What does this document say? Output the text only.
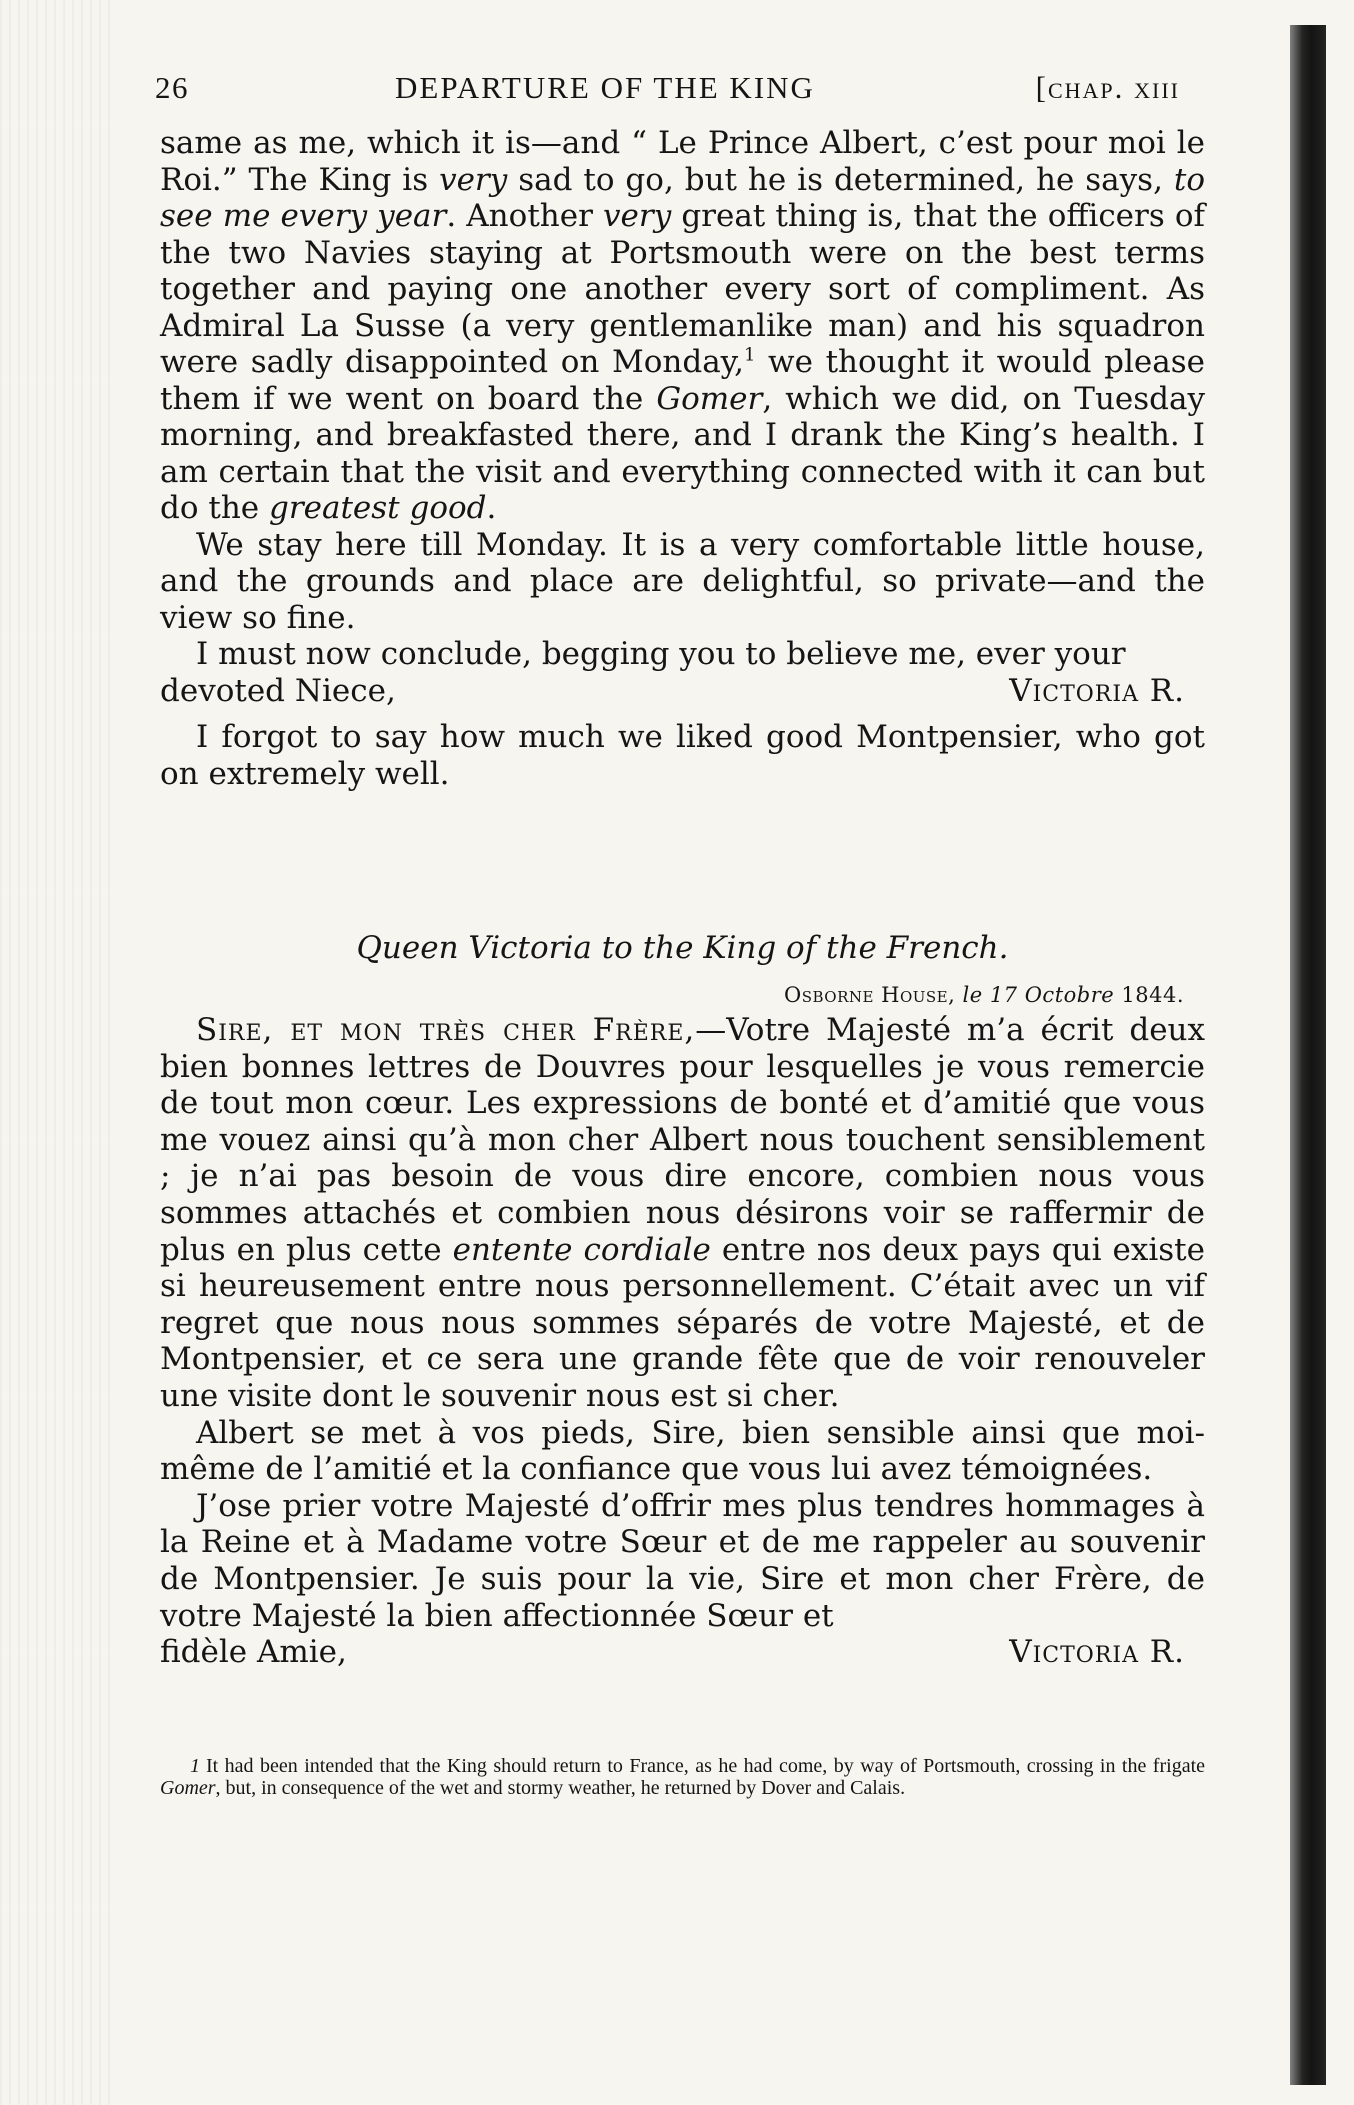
26	DEPARTURE OF THE KING	[chap. xiii

same as me, which it is—and “ Le Prince Albert, c’est pour moi le Roi.” The King is very sad to go, but he is determined, he says, to see me every year. Another very great thing is, that the officers of the two Navies staying at Portsmouth were on the best terms together and paying one another every sort of compliment. As Admiral La Susse (a very gentlemanlike man) and his squadron were sadly disappointed on Monday,$^1$ we thought it would please them if we went on board the Gomer, which we did, on Tuesday morning, and breakfasted there, and I drank the King’s health. I am certain that the visit and everything connected with it can but do the greatest good.

We stay here till Monday. It is a very comfortable little house, and the grounds and place are delightful, so private—and the view so fine.

I must now conclude, begging you to believe me, ever your

devoted Niece,	Victoria R.

I forgot to say how much we liked good Montpensier, who got on extremely well.

Queen Victoria to the King of the French.
Osborne House, le 17 Octobre 1844.

Sire, et mon très cher Frère,—Votre Majesté m’a écrit deux bien bonnes lettres de Douvres pour lesquelles je vous remercie de tout mon cœur. Les expressions de bonté et d’amitié que vous me vouez ainsi qu’à mon cher Albert nous touchent sensiblement ; je n’ai pas besoin de vous dire encore, combien nous vous sommes attachés et combien nous désirons voir se raffermir de plus en plus cette entente cordiale entre nos deux pays qui existe si heureusement entre nous personnellement. C’était avec un vif regret que nous nous sommes séparés de votre Majesté, et de Montpensier, et ce sera une grande fête que de voir renouveler une visite dont le souvenir nous est si cher.

Albert se met à vos pieds, Sire, bien sensible ainsi que moi-même de l’amitié et la confiance que vous lui avez témoignées.

J’ose prier votre Majesté d’offrir mes plus tendres hommages à la Reine et à Madame votre Sœur et de me rappeler au souvenir de Montpensier. Je suis pour la vie, Sire et mon cher Frère, de votre Majesté la bien affectionnée Sœur et

fidèle Amie,	Victoria R.
1 It had been intended that the King should return to France, as he had come, by way of Portsmouth, crossing in the frigate Gomer, but, in consequence of the wet and stormy weather, he returned by Dover and Calais.
